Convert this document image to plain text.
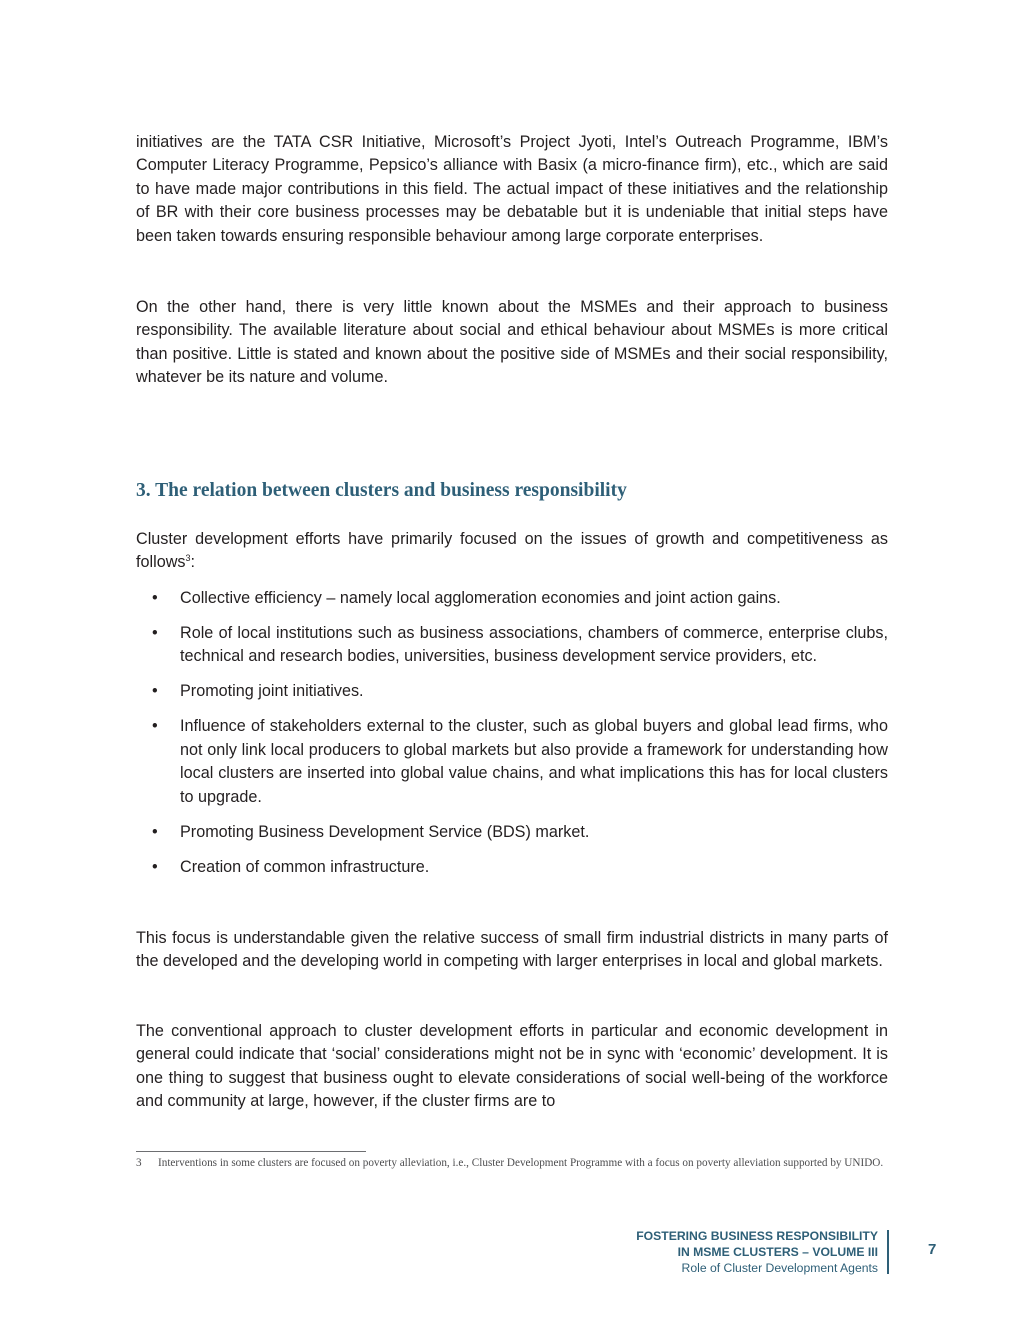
initiatives are the TATA CSR Initiative, Microsoft’s Project Jyoti, Intel’s Outreach Programme, IBM’s Computer Literacy Programme, Pepsico’s alliance with Basix (a micro-finance firm), etc., which are said to have made major contributions in this field. The actual impact of these initiatives and the relationship of BR with their core business processes may be debatable but it is undeniable that initial steps have been taken towards ensuring responsible behaviour among large corporate enterprises.

On the other hand, there is very little known about the MSMEs and their approach to business responsibility. The available literature about social and ethical behaviour about MSMEs is more critical than positive. Little is stated and known about the positive side of MSMEs and their social responsibility, whatever be its nature and volume.

3. The relation between clusters and business responsibility

Cluster development efforts have primarily focused on the issues of growth and competitiveness as follows$^3$:

• Collective efficiency – namely local agglomeration economies and joint action gains.
• Role of local institutions such as business associations, chambers of commerce, enterprise clubs, technical and research bodies, universities, business development service providers, etc.
• Promoting joint initiatives.
• Influence of stakeholders external to the cluster, such as global buyers and global lead firms, who not only link local producers to global markets but also provide a framework for understanding how local clusters are inserted into global value chains, and what implications this has for local clusters to upgrade.
• Promoting Business Development Service (BDS) market.
• Creation of common infrastructure.

This focus is understandable given the relative success of small firm industrial districts in many parts of the developed and the developing world in competing with larger enterprises in local and global markets.

The conventional approach to cluster development efforts in particular and economic development in general could indicate that ‘social’ considerations might not be in sync with ‘economic’ development. It is one thing to suggest that business ought to elevate considerations of social well-being of the workforce and community at large, however, if the cluster firms are to

3	Interventions in some clusters are focused on poverty alleviation, i.e., Cluster Development Programme with a focus on poverty alleviation supported by UNIDO.
FOSTERING BUSINESS RESPONSIBILITY
IN MSME CLUSTERS – VOLUME III
Role of Cluster Development Agents
7
